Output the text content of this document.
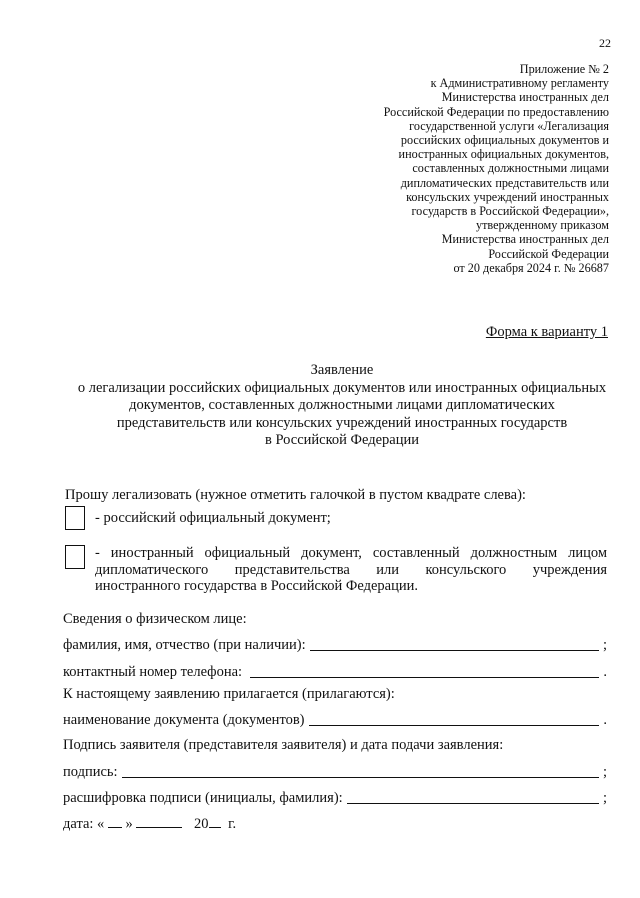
22
Приложение № 2
к Административному регламенту
Министерства иностранных дел
Российской Федерации по предоставлению
государственной услуги «Легализация
российских официальных документов и
иностранных официальных документов,
составленных должностными лицами
дипломатических представительств или
консульских учреждений иностранных
государств в Российской Федерации»,
утвержденному приказом
Министерства иностранных дел
Российской Федерации
от 20 декабря 2024 г. № 26687
Форма к варианту 1
Заявление
о легализации российских официальных документов или иностранных официальных
документов, составленных должностными лицами дипломатических
представительств или консульских учреждений иностранных государств
в Российской Федерации
Прошу легализовать (нужное отметить галочкой в пустом квадрате слева):
- российский официальный документ;
- иностранный официальный документ, составленный должностным лицом
дипломатического представительства или консульского учреждения
иностранного государства в Российской Федерации.
Сведения о физическом лице:
фамилия, имя, отчество (при наличии):	;
контактный номер телефона:	.
К настоящему заявлению прилагается (прилагаются):
наименование документа (документов)	.
Подпись заявителя (представителя заявителя) и дата подачи заявления:
подпись:	;
расшифровка подписи (инициалы, фамилия):	;
дата: « »	20 г.
